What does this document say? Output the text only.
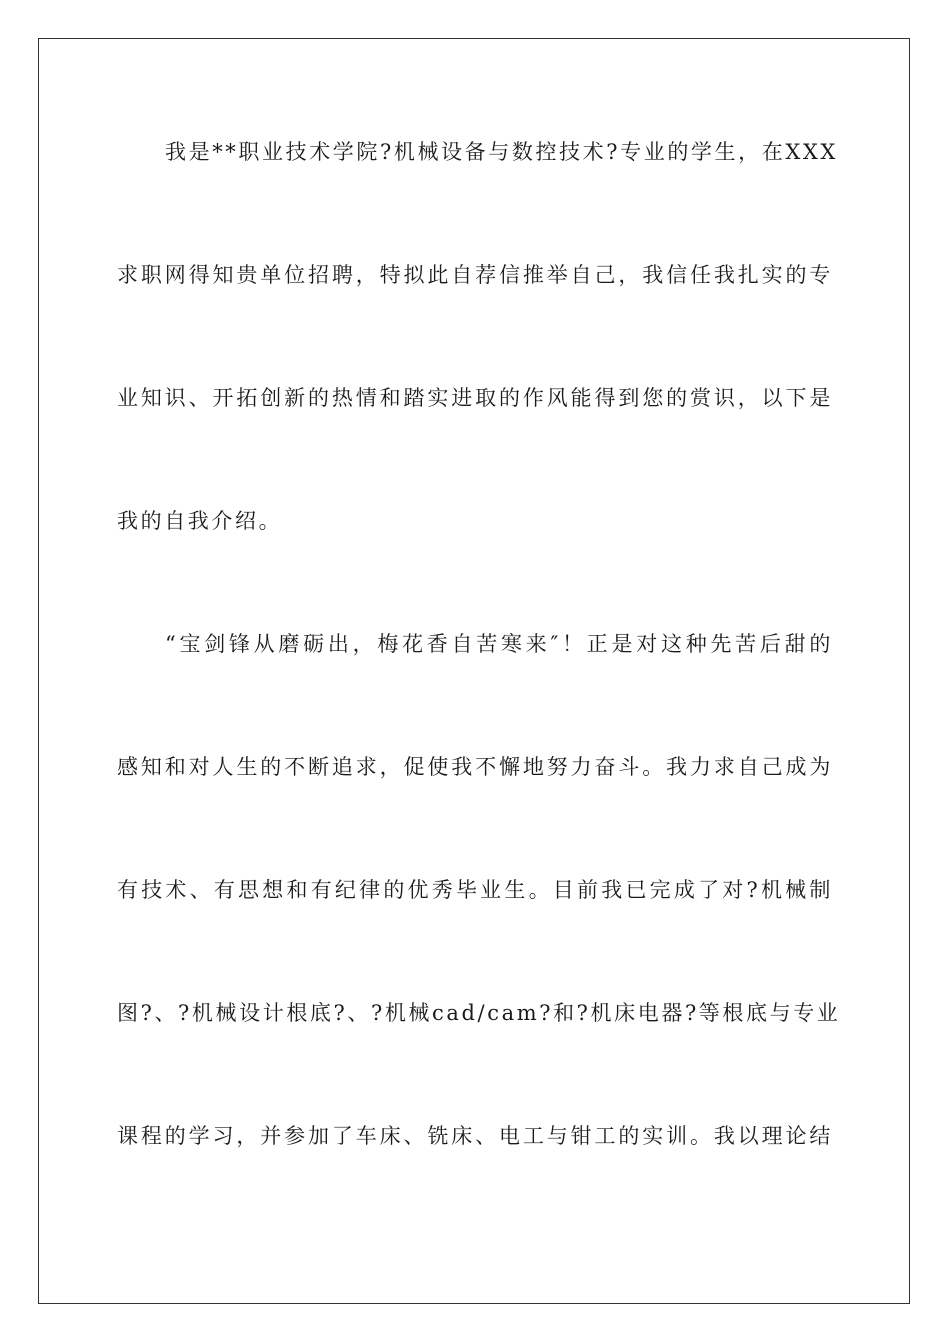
我是**职业技术学院?机械设备与数控技术?专业的学生，在XXX
求职网得知贵单位招聘，特拟此自荐信推举自己，我信任我扎实的专
业知识、开拓创新的热情和踏实进取的作风能得到您的赏识，以下是
我的自我介绍。
“宝剑锋从磨砺出，梅花香自苦寒来″！正是对这种先苦后甜的
感知和对人生的不断追求，促使我不懈地努力奋斗。我力求自己成为
有技术、有思想和有纪律的优秀毕业生。目前我已完成了对?机械制
图?、?机械设计根底?、?机械cad/cam?和?机床电器?等根底与专业
课程的学习，并参加了车床、铣床、电工与钳工的实训。我以理论结
